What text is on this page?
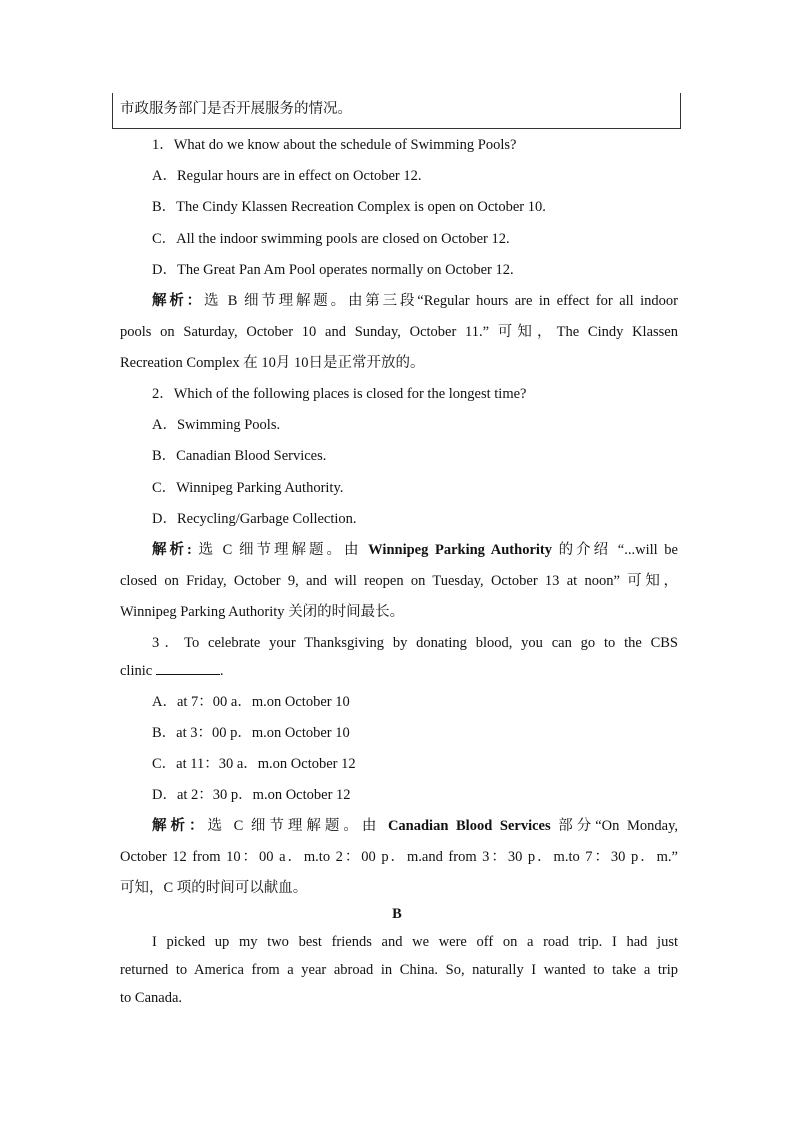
市政服务部门是否开展服务的情况。
1．What do we know about the schedule of Swimming Pools?
A．Regular hours are in effect on October 12.
B．The Cindy Klassen Recreation Complex is open on October 10.
C．All the indoor swimming pools are closed on October 12.
D．The Great Pan Am Pool operates normally on October 12.
解析：选 B 细节理解题。由第三段“Regular hours are in effect for all indoor
pools on Saturday, October 10 and Sunday, October 11.” 可知，The Cindy Klassen
Recreation Complex 在 10月 10日是正常开放的。
2．Which of the following places is closed for the longest time?
A．Swimming Pools.
B．Canadian Blood Services.
C．Winnipeg Parking Authority.
D．Recycling/Garbage Collection.
解析: 选 C 细节理解题。由 Winnipeg Parking Authority 的介绍 “...will be
closed on Friday, October 9, and will reopen on Tuesday, October 13 at noon” 可知，
Winnipeg Parking Authority 关闭的时间最长。
3．To celebrate your Thanksgiving by donating blood, you can go to the CBS
clinic	.
A．at 7：00 a．m.on October 10
B．at 3：00 p．m.on October 10
C．at 11：30 a．m.on October 12
D．at 2：30 p．m.on October 12
解析：选 C 细节理解题。由 Canadian Blood Services 部分“On Monday,
October 12 from 10：00 a．m.to 2：00 p．m.and from 3：30 p．m.to 7：30 p．m.”
可知，C 项的时间可以献血。
B
I picked up my two best friends and we were off on a road trip. I had just
returned to America from a year abroad in China. So, naturally I wanted to take a trip
to Canada.
